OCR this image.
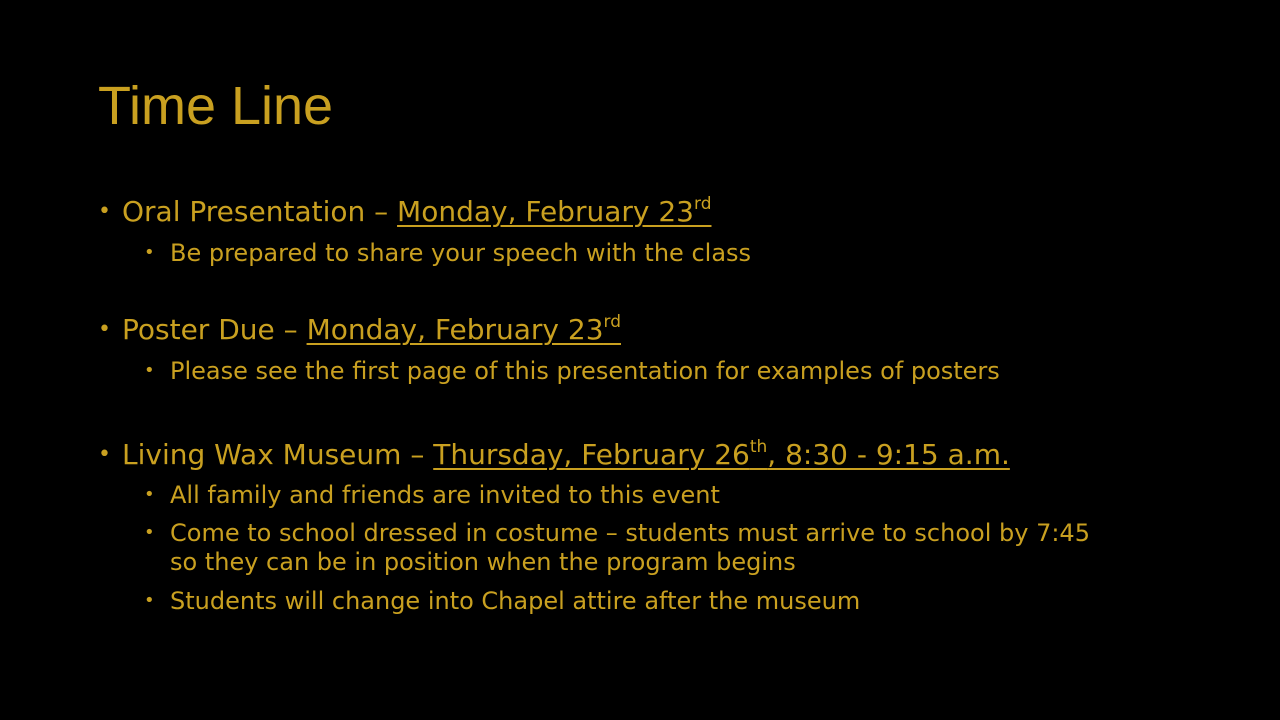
Time Line
• Oral Presentation – Monday, February 23rd
• Be prepared to share your speech with the class
• Poster Due – Monday, February 23rd
• Please see the first page of this presentation for examples of posters
• Living Wax Museum – Thursday, February 26th, 8:30 - 9:15 a.m.
• All family and friends are invited to this event
• Come to school dressed in costume – students must arrive to school by 7:45
so they can be in position when the program begins
• Students will change into Chapel attire after the museum
